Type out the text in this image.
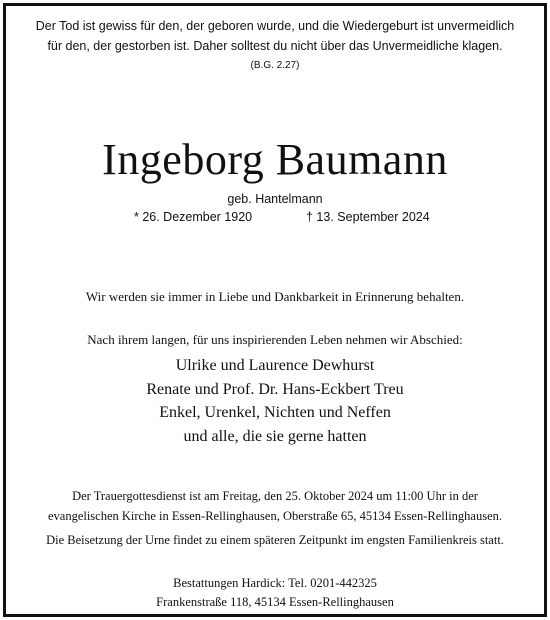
Der Tod ist gewiss für den, der geboren wurde, und die Wiedergeburt ist unvermeidlich
für den, der gestorben ist. Daher solltest du nicht über das Unvermeidliche klagen.
(B.G. 2.27)
Ingeborg Baumann
geb. Hantelmann
* 26. Dezember 1920	† 13. September 2024
Wir werden sie immer in Liebe und Dankbarkeit in Erinnerung behalten.
Nach ihrem langen, für uns inspirierenden Leben nehmen wir Abschied:
Ulrike und Laurence Dewhurst
Renate und Prof. Dr. Hans-Eckbert Treu
Enkel, Urenkel, Nichten und Neffen
und alle, die sie gerne hatten
Der Trauergottesdienst ist am Freitag, den 25. Oktober 2024 um 11:00 Uhr in der
evangelischen Kirche in Essen-Rellinghausen, Oberstraße 65, 45134 Essen-Rellinghausen.
Die Beisetzung der Urne findet zu einem späteren Zeitpunkt im engsten Familienkreis statt.
Bestattungen Hardick: Tel. 0201-442325
Frankenstraße 118, 45134 Essen-Rellinghausen
